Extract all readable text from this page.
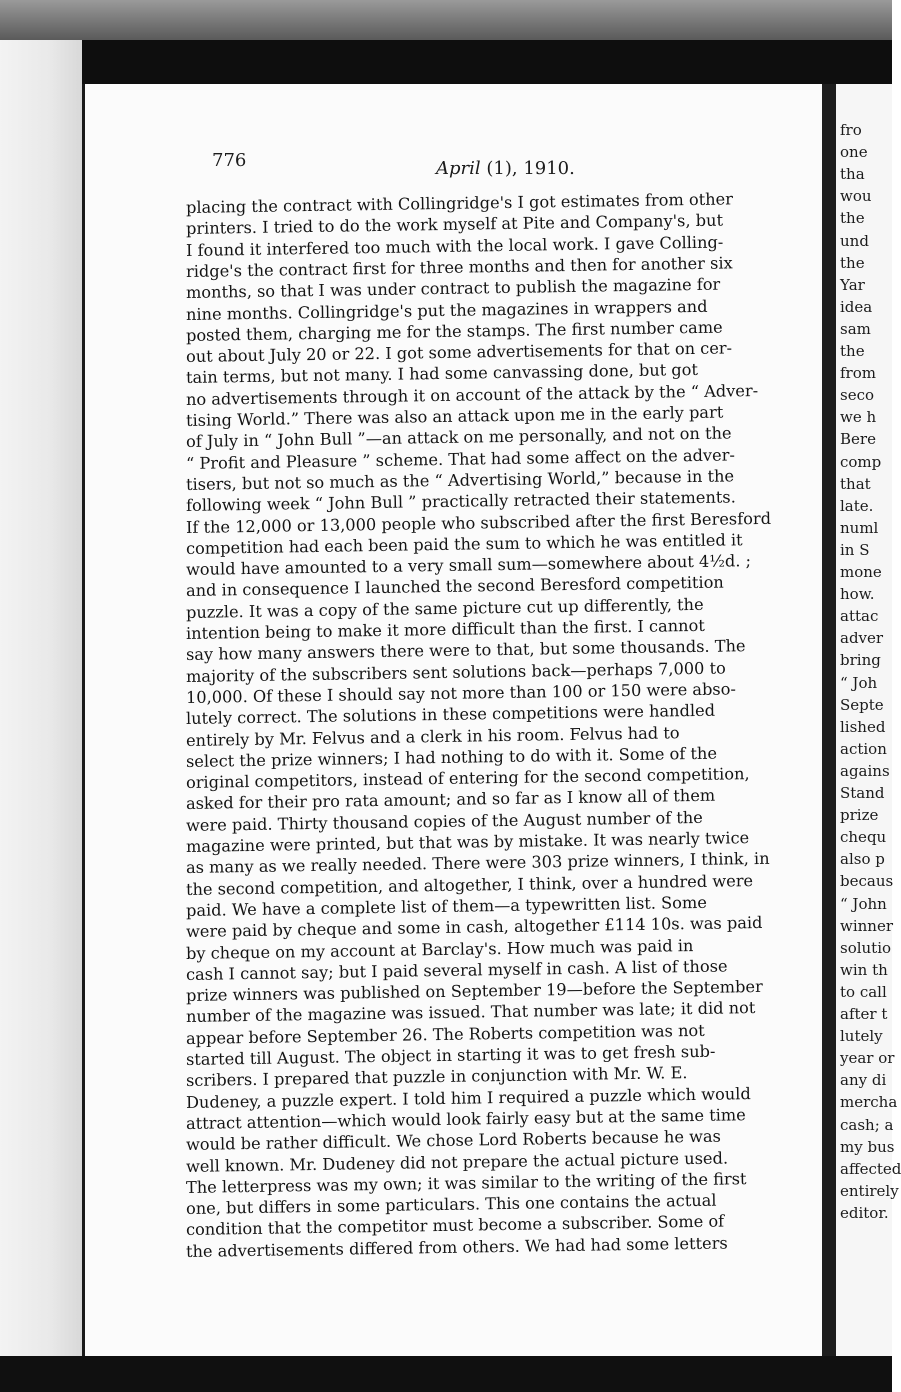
fro
one
tha
wou
the
und
the
Yar
idea
sam
the
from
seco
we h
Bere
comp
that
late.
numl
in S
mone
how.
attac
adver
bring
“ Joh
Septe
lished
action
agains
Stand
prize
chequ
also p
becaus
“ John
winner
solutio
win th
to call
after t
lutely
year or
any di
mercha
cash; a
my bus
affected
entirely
editor.
776	April (1), 1910.
placing the contract with Collingridge's I got estimates from other
printers. I tried to do the work myself at Pite and Company's, but
I found it interfered too much with the local work. I gave Colling-
ridge's the contract first for three months and then for another six
months, so that I was under contract to publish the magazine for
nine months. Collingridge's put the magazines in wrappers and
posted them, charging me for the stamps. The first number came
out about July 20 or 22. I got some advertisements for that on cer-
tain terms, but not many. I had some canvassing done, but got
no advertisements through it on account of the attack by the “ Adver-
tising World.” There was also an attack upon me in the early part
of July in “ John Bull ”—an attack on me personally, and not on the
“ Profit and Pleasure ” scheme. That had some affect on the adver-
tisers, but not so much as the “ Advertising World,” because in the
following week “ John Bull ” practically retracted their statements.
If the 12,000 or 13,000 people who subscribed after the first Beresford
competition had each been paid the sum to which he was entitled it
would have amounted to a very small sum—somewhere about 4½d. ;
and in consequence I launched the second Beresford competition
puzzle. It was a copy of the same picture cut up differently, the
intention being to make it more difficult than the first. I cannot
say how many answers there were to that, but some thousands. The
majority of the subscribers sent solutions back—perhaps 7,000 to
10,000. Of these I should say not more than 100 or 150 were abso-
lutely correct. The solutions in these competitions were handled
entirely by Mr. Felvus and a clerk in his room. Felvus had to
select the prize winners; I had nothing to do with it. Some of the
original competitors, instead of entering for the second competition,
asked for their pro rata amount; and so far as I know all of them
were paid. Thirty thousand copies of the August number of the
magazine were printed, but that was by mistake. It was nearly twice
as many as we really needed. There were 303 prize winners, I think, in
the second competition, and altogether, I think, over a hundred were
paid. We have a complete list of them—a typewritten list. Some
were paid by cheque and some in cash, altogether £114 10s. was paid
by cheque on my account at Barclay's. How much was paid in
cash I cannot say; but I paid several myself in cash. A list of those
prize winners was published on September 19—before the September
number of the magazine was issued. That number was late; it did not
appear before September 26. The Roberts competition was not
started till August. The object in starting it was to get fresh sub-
scribers. I prepared that puzzle in conjunction with Mr. W. E.
Dudeney, a puzzle expert. I told him I required a puzzle which would
attract attention—which would look fairly easy but at the same time
would be rather difficult. We chose Lord Roberts because he was
well known. Mr. Dudeney did not prepare the actual picture used.
The letterpress was my own; it was similar to the writing of the first
one, but differs in some particulars. This one contains the actual
condition that the competitor must become a subscriber. Some of
the advertisements differed from others. We had had some letters
